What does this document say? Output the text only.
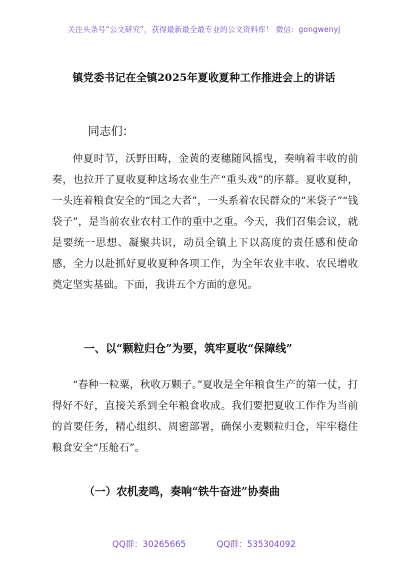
关注头条号“公文研究”，获得最新最全最专业的公文资料库！ 微信：gongwenyj
镇党委书记在全镇2025年夏收夏种工作推进会上的讲话
同志们：

仲夏时节，沃野田畴，金黄的麦穗随风摇曳，奏响着丰收的前奏，也拉开了夏收夏种这场农业生产“重头戏”的序幕。夏收夏种，一头连着粮食安全的“国之大者”，一头系着农民群众的“米袋子”“钱袋子”，是当前农业农村工作的重中之重。今天，我们召集会议，就是要统一思想、凝聚共识，动员全镇上下以高度的责任感和使命感，全力以赴抓好夏收夏种各项工作，为全年农业丰收、农民增收奠定坚实基础。下面，我讲五个方面的意见。

一、以“颗粒归仓”为要，筑牢夏收“保障线”

“春种一粒粟，秋收万颗子。”夏收是全年粮食生产的第一仗，打得好不好，直接关系到全年粮食收成。我们要把夏收工作作为当前的首要任务，精心组织、周密部署，确保小麦颗粒归仓，牢牢稳住粮食安全“压舱石”。

（一）农机麦鸣，奏响“铁牛奋进”协奏曲
QQ群：30265665	QQ群：535304092
